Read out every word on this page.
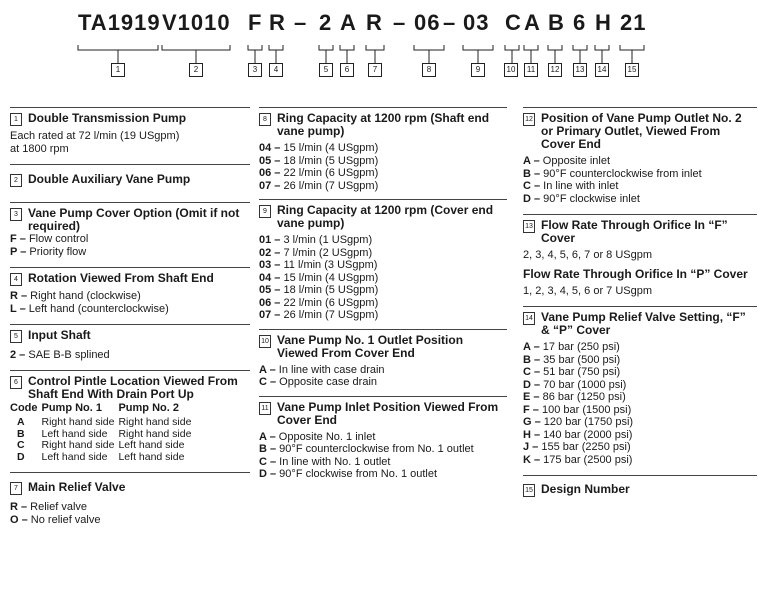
TA1919 V1010 F R – 2 A R – 06 – 03 C A B 6 H 21
1	2	3	4	5	6	7	8	9	10	11	12	13	14	15
1 Double Transmission Pump
Each rated at 72 l/min (19 USgpm)
at 1800 rpm
2 Double Auxiliary Vane Pump
3 Vane Pump Cover Option (Omit if not required)
F – Flow control
P – Priority flow
4 Rotation Viewed From Shaft End
R – Right hand (clockwise)
L – Left hand (counterclockwise)
5 Input Shaft
2 – SAE B-B splined
6 Control Pintle Location Viewed From Shaft End With Drain Port Up
Code	Pump No. 1	Pump No. 2
A	Right hand side	Right hand side
B	Left hand side	Right hand side
C	Right hand side	Left hand side
D	Left hand side	Left hand side
7 Main Relief Valve
R – Relief valve
O – No relief valve
8 Ring Capacity at 1200 rpm (Shaft end vane pump)
04 – 15 l/min (4 USgpm)
05 – 18 l/min (5 USgpm)
06 – 22 l/min (6 USgpm)
07 – 26 l/min (7 USgpm)
9 Ring Capacity at 1200 rpm (Cover end vane pump)
01 – 3 l/min (1 USgpm)
02 – 7 l/min (2 USgpm)
03 – 11 l/min (3 USgpm)
04 – 15 l/min (4 USgpm)
05 – 18 l/min (5 USgpm)
06 – 22 l/min (6 USgpm)
07 – 26 l/min (7 USgpm)
10 Vane Pump No. 1 Outlet Position Viewed From Cover End
A – In line with case drain
C – Opposite case drain
11 Vane Pump Inlet Position Viewed From Cover End
A – Opposite No. 1 inlet
B – 90°F counterclockwise from No. 1 outlet
C – In line with No. 1 outlet
D – 90°F clockwise from No. 1 outlet
12 Position of Vane Pump Outlet No. 2 or Primary Outlet, Viewed From Cover End
A – Opposite inlet
B – 90°F counterclockwise from inlet
C – In line with inlet
D – 90°F clockwise inlet
13 Flow Rate Through Orifice In “F” Cover
2, 3, 4, 5, 6, 7 or 8 USgpm
Flow Rate Through Orifice In “P” Cover
1, 2, 3, 4, 5, 6 or 7 USgpm
14 Vane Pump Relief Valve Setting, “F” & “P” Cover
A – 17 bar (250 psi)
B – 35 bar (500 psi)
C – 51 bar (750 psi)
D – 70 bar (1000 psi)
E – 86 bar (1250 psi)
F – 100 bar (1500 psi)
G – 120 bar (1750 psi)
H – 140 bar (2000 psi)
J – 155 bar (2250 psi)
K – 175 bar (2500 psi)
15 Design Number
